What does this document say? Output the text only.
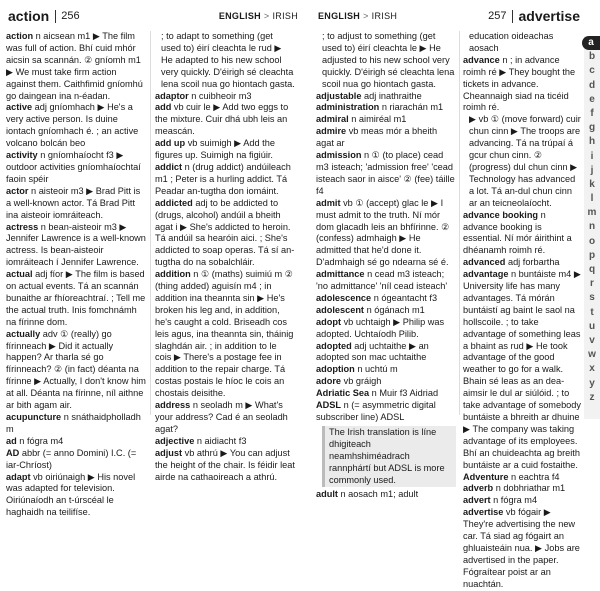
action 256	ENGLISH > IRISH

action n aicsean m1 ▶ The film was full of action. Bhí cuid mhór aicsin sa scannán. ② gníomh m1 ▶ We must take firm action against them. Caithfimid gníomhú go daingean ina n-éadan.

active adj gníomhach ▶ He's a very active person. Is duine iontach gníomhach é. ; an active volcano bolcán beo

activity n gníomhaíocht f3 ▶ outdoor activities gníomhaíochtaí faoin spéir

actor n aisteoir m3 ▶ Brad Pitt is a well-known actor. Tá Brad Pitt ina aisteoir iomráiteach.

actress n bean-aisteoir m3 ▶ Jennifer Lawrence is a well-known actress. Is bean-aisteoir iomráiteach í Jennifer Lawrence.

actual adj fíor ▶ The film is based on actual events. Tá an scannán bunaithe ar fhíoreachtraí. ; Tell me the actual truth. Inis fomchnámh na fírinne dom.

actually adv ① (really) go fírinneach ▶ Did it actually happen? Ar tharla sé go fírinneach? ② (in fact) déanta na fírinne ▶ Actually, I don't know him at all. Déanta na fírinne, níl aithne ar bith agam air.

acupuncture n snáthaidpholladh m

ad n fógra m4

AD abbr (= anno Domini) I.C. (= iar-Chríost)

adapt vb oiriúnaigh ▶ His novel was adapted for television. Oiriúnaíodh an t-úrscéal le haghaidh na teilifíse.

; to adapt to something (get used to) éirí cleachta le rud ▶ He adapted to his new school very quickly. D'éirigh sé cleachta lena scoil nua go hiontach gasta.

adaptor n cuibheoir m3

add vb cuir le ▶ Add two eggs to the mixture. Cuir dhá ubh leis an meascán.

add up vb suimigh ▶ Add the figures up. Suimigh na figiúir.

addict n (drug addict) andúileach m1 ; Peter is a hurling addict. Tá Peadar an-tugtha don iomáint.

addicted adj to be addicted to (drugs, alcohol) andúil a bheith agat i ▶ She's addicted to heroin. Tá andúil sa hearóin aici. ; She's addicted to soap operas. Tá sí an-tugtha do na sobalchláir.

addition n ① (maths) suimiú m ② (thing added) aguisín m4 ; in addition ina theannta sin ▶ He's broken his leg and, in addition, he's caught a cold. Briseadh cos leis agus, ina theannta sin, tháinig slaghdán air. ; in addition to le cois ▶ There's a postage fee in addition to the repair charge. Tá costas postais le híoc le cois an chostais deisithe.

address n seoladh m ▶ What's your address? Cad é an seoladh agat?

adjective n aidiacht f3

adjust vb athrú ▶ You can adjust the height of the chair. Is féidir leat airde na cathaoireach a athrú.

ENGLISH > IRISH	257 advertise

; to adjust to something (get used to) éirí cleachta le ▶ He adjusted to his new school very quickly. D'éirigh sé cleachta lena scoil nua go hiontach gasta.

adjustable adj inathraithe

administration n riarachán m1

admiral n aimiréal m1

admire vb meas mór a bheith agat ar

admission n ① (to place) cead m3 isteach; 'admission free' 'cead isteach saor in aisce' ② (fee) táille f4

admit vb ① (accept) glac le ▶ I must admit to the truth. Ní mór dom glacadh leis an bhfírinne. ② (confess) admhaigh ▶ He admitted that he'd done it. D'admhaigh sé go ndearna sé é.

admittance n cead m3 isteach; 'no admittance' 'níl cead isteach'

adolescence n ógeantacht f3

adolescent n ógánach m1

adopt vb uchtaigh ▶ Philip was adopted. Uchtaíodh Pilib.

adopted adj uchtaithe ▶ an adopted son mac uchtaithe

adoption n uchtú m

adore vb gráigh

Adriatic Sea n Muir f3 Aidriad

ADSL n (= asymmetric digital subscriber line) ADSL

The Irish translation is líne dhigiteach neamhshiméadrach rannphártí but ADSL is more commonly used.

adult n aosach m1; adult

education oideachas aosach

advance n ; in advance roimh ré ▶ They bought the tickets in advance. Cheannaigh siad na ticéid roimh ré.

▶ vb ① (move forward) cuir chun cinn ▶ The troops are advancing. Tá na trúpaí á gcur chun cinn. ② (progress) dul chun cinn ▶ Technology has advanced a lot. Tá an-dul chun cinn ar an teicneolaíocht.

advance booking n advance booking is essential. Ní mór áirithint a dhéanamh roimh ré.

advanced adj forbartha

advantage n buntáiste m4 ▶ University life has many advantages. Tá mórán buntáistí ag baint le saol na hollscoile. ; to take advantage of something leas a bhaint as rud ▶ He took advantage of the good weather to go for a walk. Bhain sé leas as an dea-aimsir le dul ar siúlóid. ; to take advantage of somebody buntáiste a bhreith ar dhuine ▶ The company was taking advantage of its employees. Bhí an chuideachta ag breith buntáiste ar a cuid fostaithe.

Adventure n eachtra f4

adverb n dobhriathar m1

advert n fógra m4

advertise vb fógair ▶ They're advertising the new car. Tá siad ag fógairt an ghluaisteáin nua. ▶ Jobs are advertised in the paper. Fógraítear poist ar an nuachtán.

a
b
c
d
e
f
g
h
i
j
k
l
m
n
o
p
q
r
s
t
u
v
w
x
y
z
